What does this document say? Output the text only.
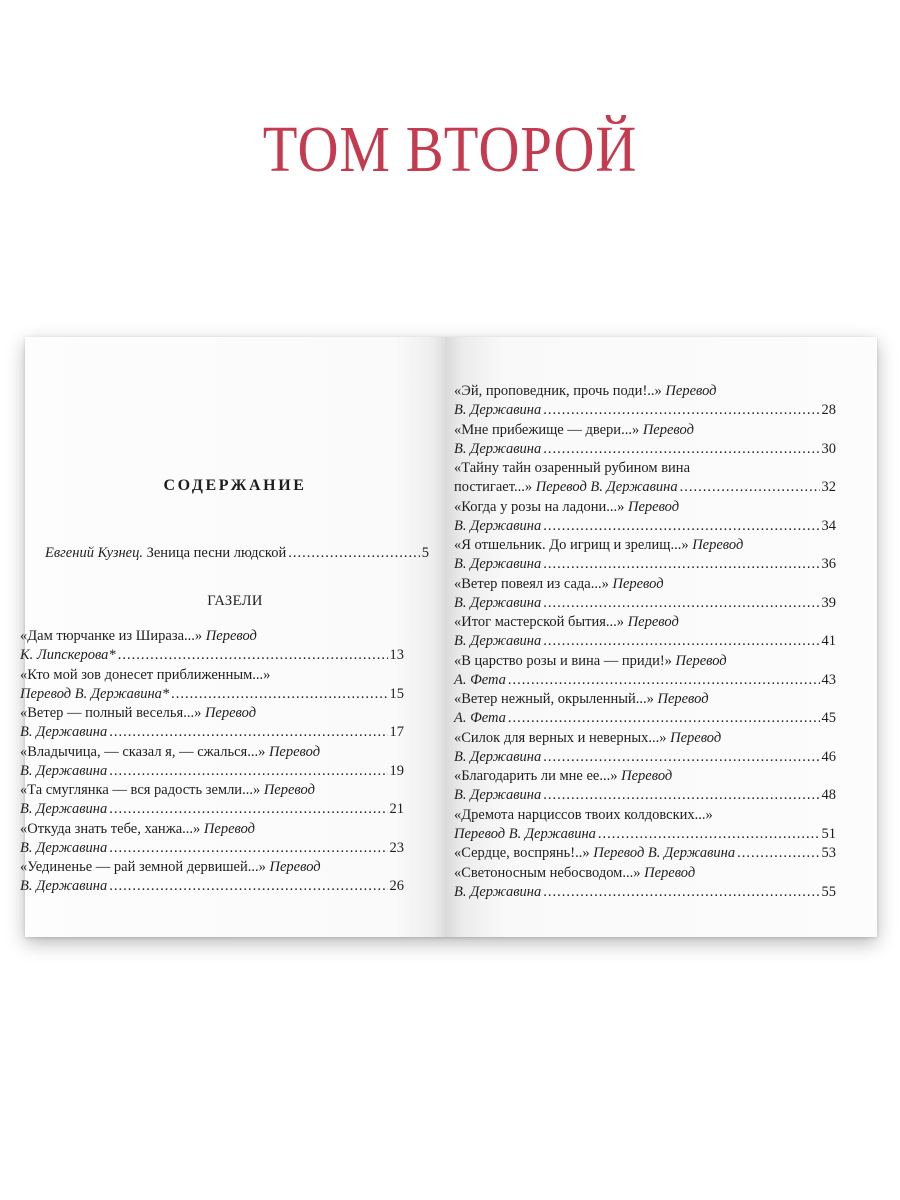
ТОМ ВТОРОЙ
СОДЕРЖАНИЕ
Евгений Кузнец. Зеница песни людской .....	5
ГАЗЕЛИ
«Дам тюрчанке из Шираза...» Перевод
К. Липскерова* .....	13
«Кто мой зов донесет приближенным...»
Перевод В. Державина* .....	15
«Ветер — полный веселья...» Перевод
В. Державина .....	17
«Владычица, — сказал я, — сжалься...» Перевод
В. Державина .....	19
«Та смуглянка — вся радость земли...» Перевод
В. Державина .....	21
«Откуда знать тебе, ханжа...» Перевод
В. Державина .....	23
«Уединенье — рай земной дервишей...» Перевод
В. Державина .....	26
«Эй, проповедник, прочь поди!..» Перевод
В. Державина .....	28
«Мне прибежище — двери...» Перевод
В. Державина .....	30
«Тайну тайн озаренный рубином вина
постигает...» Перевод В. Державина .....	32
«Когда у розы на ладони...» Перевод
В. Державина .....	34
«Я отшельник. До игрищ и зрелищ...» Перевод
В. Державина .....	36
«Ветер повеял из сада...» Перевод
В. Державина .....	39
«Итог мастерской бытия...» Перевод
В. Державина .....	41
«В царство розы и вина — приди!» Перевод
А. Фета .....	43
«Ветер нежный, окрыленный...» Перевод
А. Фета .....	45
«Силок для верных и неверных...» Перевод
В. Державина .....	46
«Благодарить ли мне ее...» Перевод
В. Державина .....	48
«Дремота нарциссов твоих колдовских...»
Перевод В. Державина .....	51
«Сердце, воспрянь!..» Перевод В. Державина .....	53
«Светоносным небосводом...» Перевод
В. Державина .....	55
